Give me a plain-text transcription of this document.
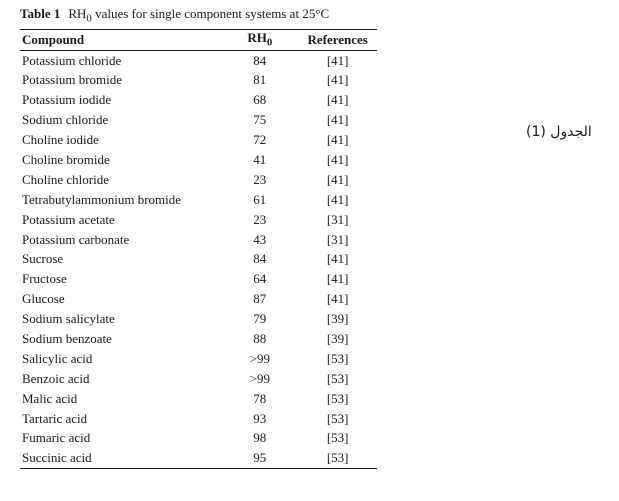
Table 1 $RH_0$ values for single component systems at 25°C
Compound	$RH_0$	References
Potassium chloride	84	[41]
Potassium bromide	81	[41]
Potassium iodide	68	[41]
Sodium chloride	75	[41]
Choline iodide	72	[41]
Choline bromide	41	[41]
Choline chloride	23	[41]
Tetrabutylammonium bromide	61	[41]
Potassium acetate	23	[31]
Potassium carbonate	43	[31]
Sucrose	84	[41]
Fructose	64	[41]
Glucose	87	[41]
Sodium salicylate	79	[39]
Sodium benzoate	88	[39]
Salicylic acid	>99	[53]
Benzoic acid	>99	[53]
Malic acid	78	[53]
Tartaric acid	93	[53]
Fumaric acid	98	[53]
Succinic acid	95	[53]
الجدول (1)
